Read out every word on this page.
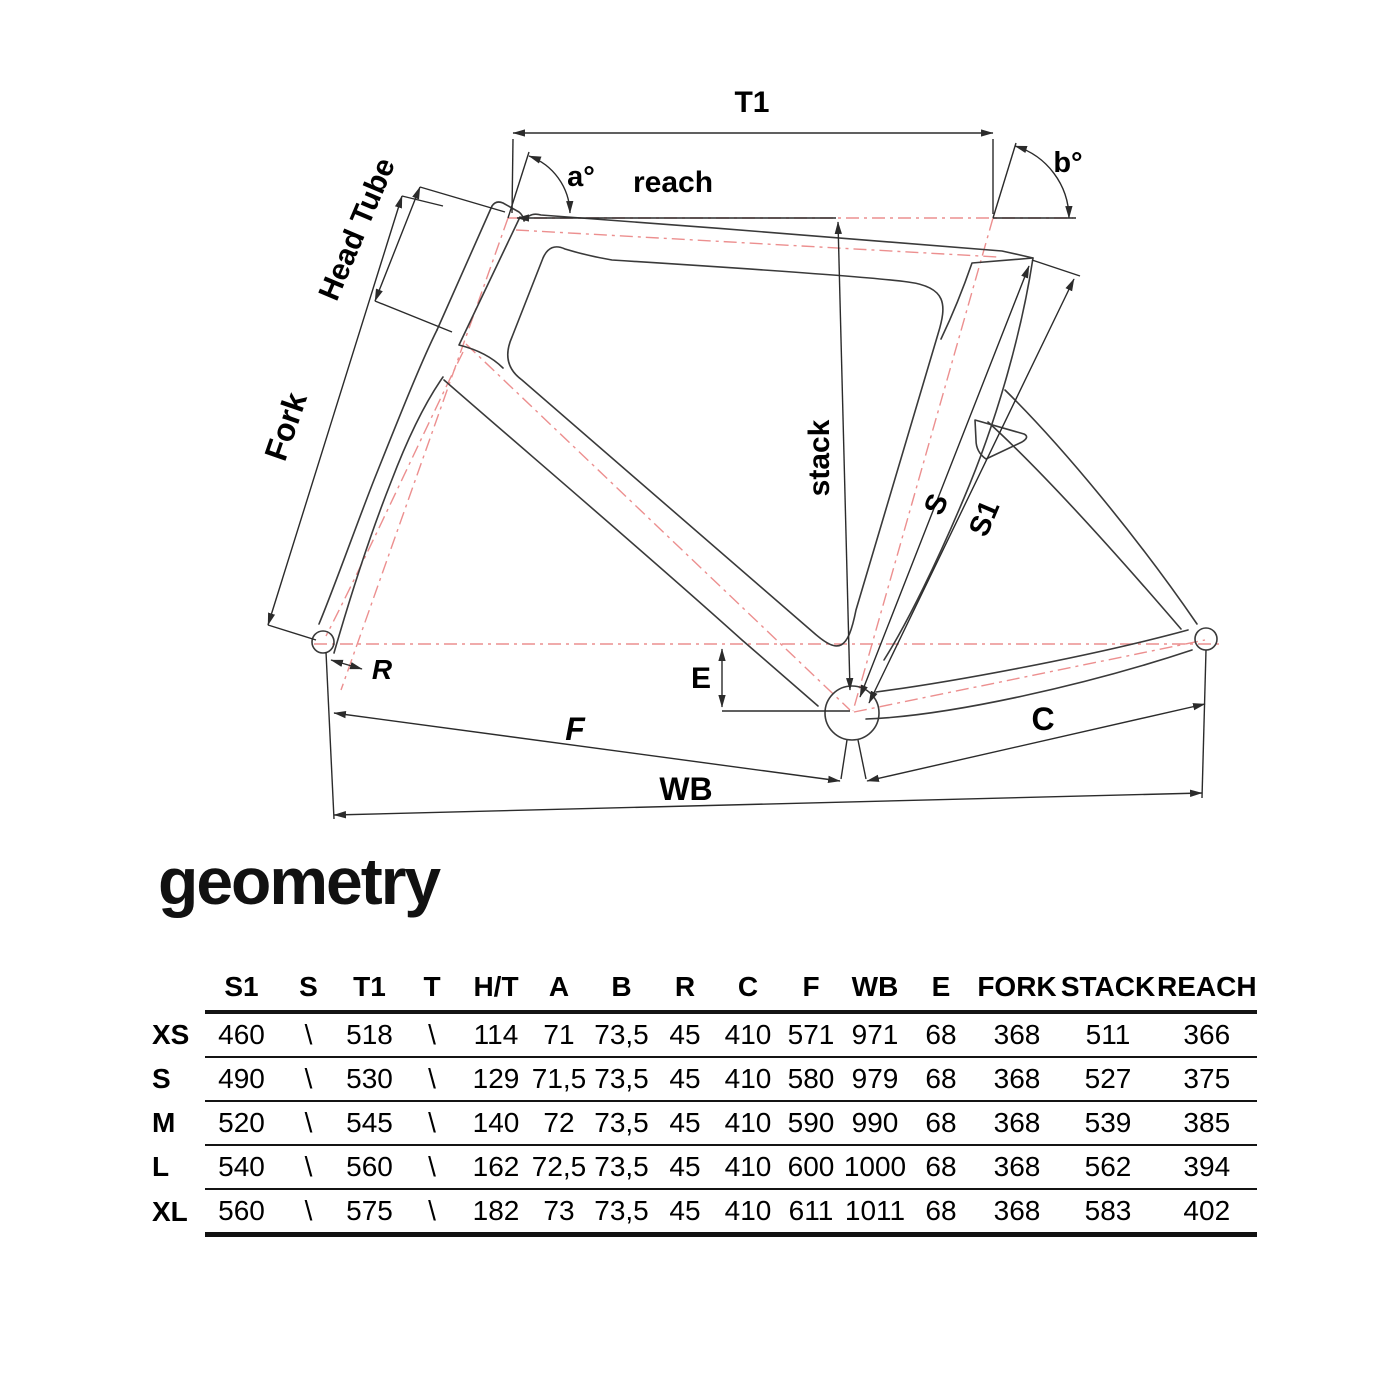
T1
a° reach
b°
Head Tube
Fork	stack
S S1
R	E
F	C
WB
geometry
	S1	S	T1	T	H/T	A	B	R	C	F	WB	E	FORK	STACK	REACH
XS	460	\	518	\	114	71	73,5	45	410	571	971	68	368	511	366
S	490	\	530	\	129	71,5	73,5	45	410	580	979	68	368	527	375
M	520	\	545	\	140	72	73,5	45	410	590	990	68	368	539	385
L	540	\	560	\	162	72,5	73,5	45	410	600	1000	68	368	562	394
XL	560	\	575	\	182	73	73,5	45	410	611	1011	68	368	583	402
